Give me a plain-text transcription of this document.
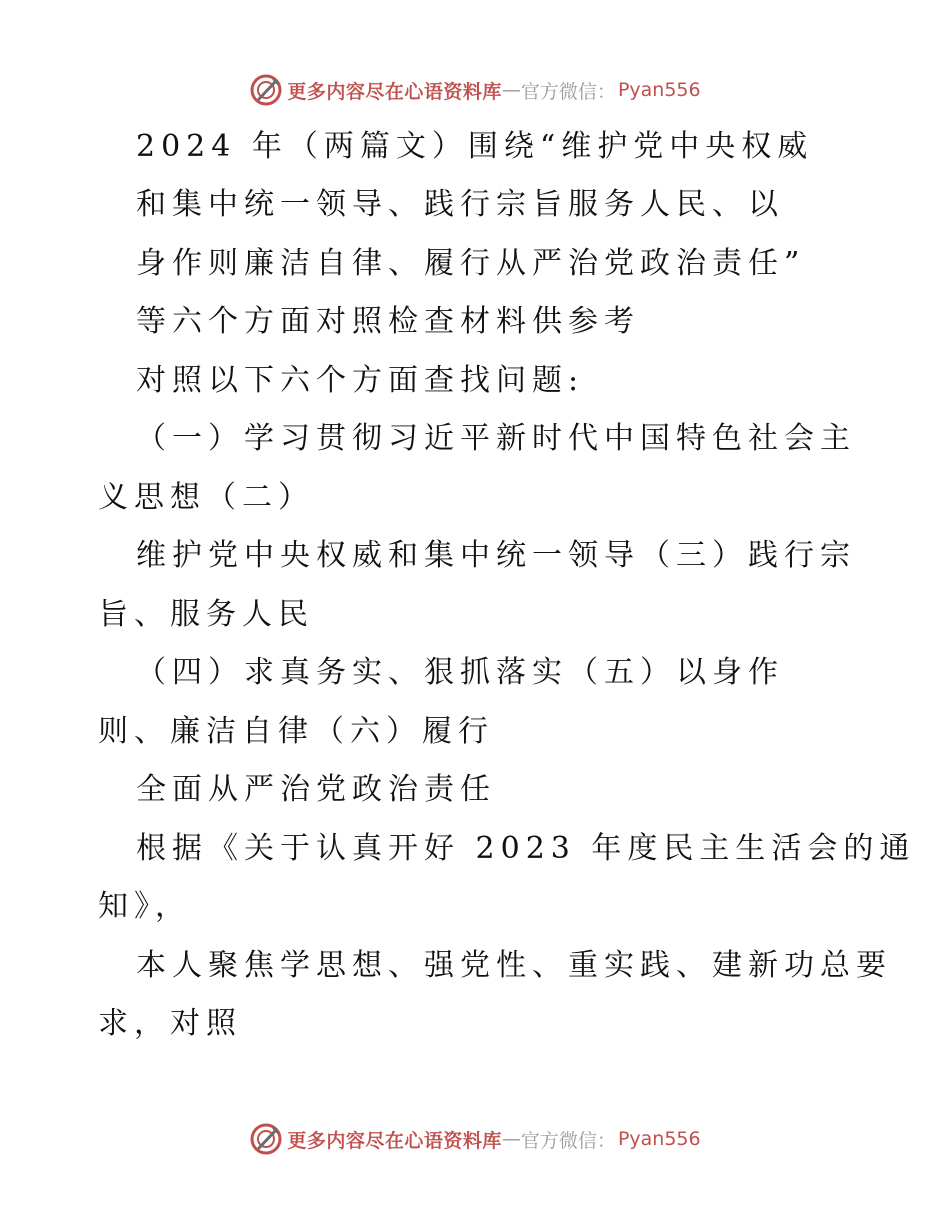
更多内容尽在心语资料库 — 官方微信： Pyan556
2024 年（两篇文）围绕“维护党中央权威
和集中统一领导、践行宗旨服务人民、以
身作则廉洁自律、履行从严治党政治责任”
等六个方面对照检查材料供参考
对照以下六个方面查找问题:
（一）学习贯彻习近平新时代中国特色社会主
义思想（二）
维护党中央权威和集中统一领导（三）践行宗
旨、服务人民
（四）求真务实、狠抓落实（五）以身作
则、廉洁自律（六）履行
全面从严治党政治责任
根据《关于认真开好 2023 年度民主生活会的通
知》，
本人聚焦学思想、强党性、重实践、建新功总要
求，对照
更多内容尽在心语资料库 — 官方微信： Pyan556
